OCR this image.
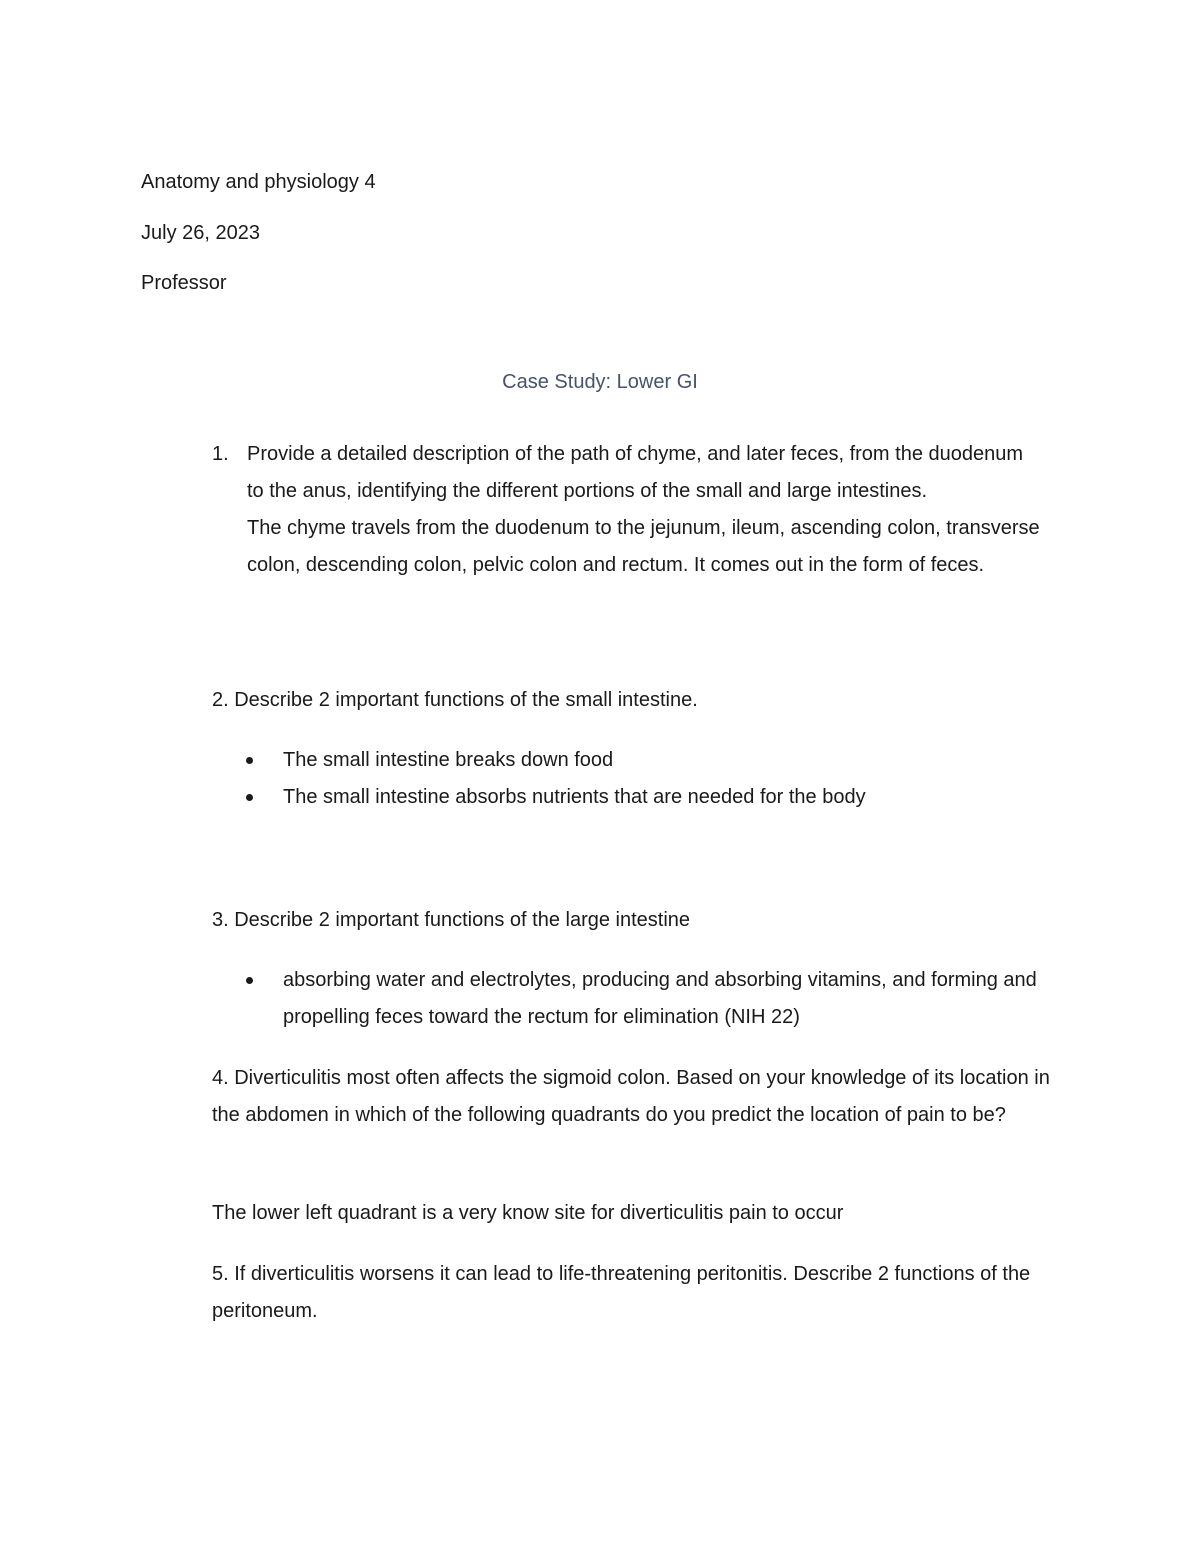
Anatomy and physiology 4

July 26, 2023

Professor

Case Study: Lower GI

1. Provide a detailed description of the path of chyme, and later feces, from the duodenum to the anus, identifying the different portions of the small and large intestines.

The chyme travels from the duodenum to the jejunum, ileum, ascending colon, transverse colon, descending colon, pelvic colon and rectum. It comes out in the form of feces.

2. Describe 2 important functions of the small intestine.

The small intestine breaks down food
The small intestine absorbs nutrients that are needed for the body

3. Describe 2 important functions of the large intestine

absorbing water and electrolytes, producing and absorbing vitamins, and forming and propelling feces toward the rectum for elimination (NIH 22)

4. Diverticulitis most often affects the sigmoid colon. Based on your knowledge of its location in the abdomen in which of the following quadrants do you predict the location of pain to be?

The lower left quadrant is a very know site for diverticulitis pain to occur

5. If diverticulitis worsens it can lead to life-threatening peritonitis. Describe 2 functions of the peritoneum.
